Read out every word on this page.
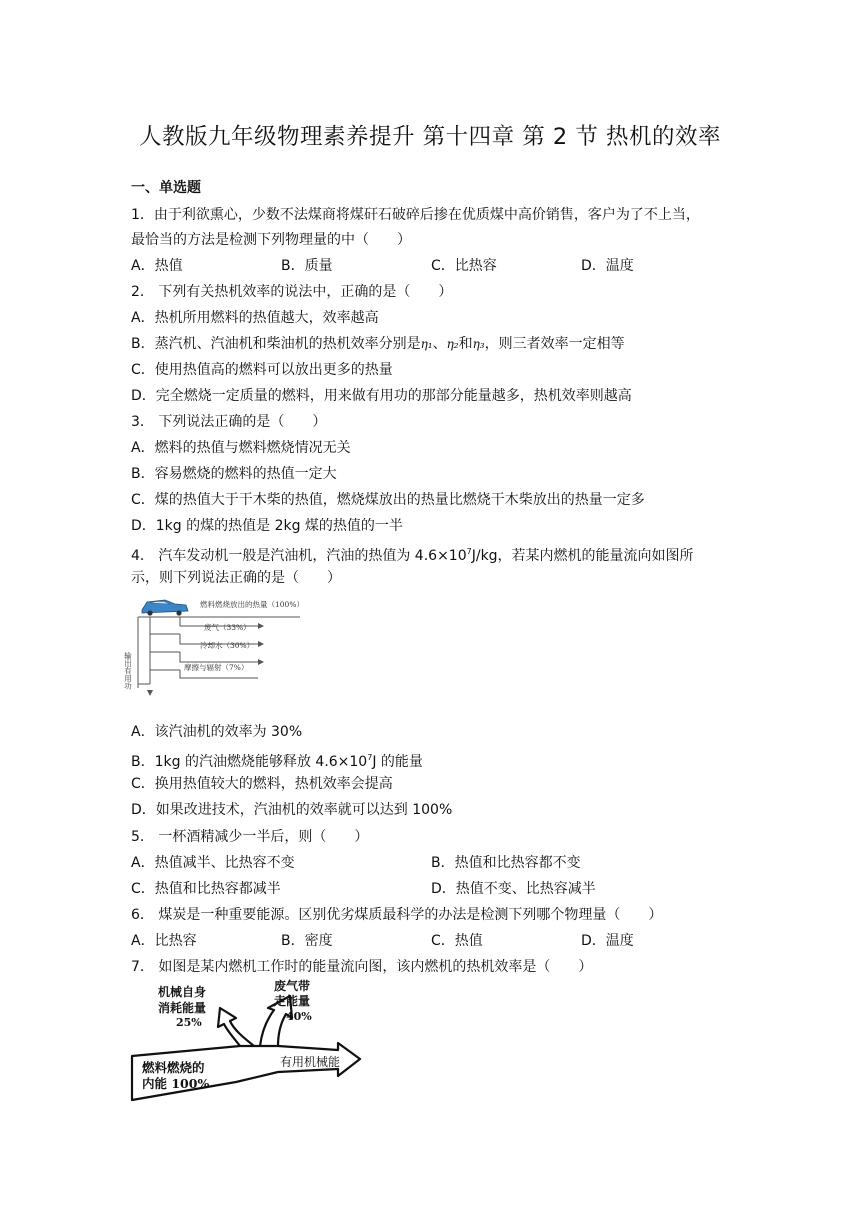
人教版九年级物理素养提升 第十四章 第 2 节 热机的效率
一、单选题
1．由于利欲熏心，少数不法煤商将煤矸石破碎后掺在优质煤中高价销售，客户为了不上当，
最恰当的方法是检测下列物理量的中（　　）
A．热值	B．质量	C．比热容	D．温度
2． 下列有关热机效率的说法中，正确的是（　　）
A．热机所用燃料的热值越大，效率越高
B．蒸汽机、汽油机和柴油机的热机效率分别是η₁、η₂和η₃，则三者效率一定相等
C．使用热值高的燃料可以放出更多的热量
D．完全燃烧一定质量的燃料，用来做有用功的那部分能量越多，热机效率则越高
3． 下列说法正确的是（　　）
A．燃料的热值与燃料燃烧情况无关
B．容易燃烧的燃料的热值一定大
C．煤的热值大于干木柴的热值，燃烧煤放出的热量比燃烧干木柴放出的热量一定多
D．1kg 的煤的热值是 2kg 煤的热值的一半
4． 汽车发动机一般是汽油机，汽油的热值为 $4.6\times 10^7J/kg$，若某内燃机的能量流向如图所
示，则下列说法正确的是（　　）
燃料燃烧放出的热量（100%）
废气（33%）
冷却水（30%）
摩擦与辐射（7%）
输出有用功
A．该汽油机的效率为 30%
B．1kg 的汽油燃烧能够释放 $4.6\times 10^7J$ 的能量
C．换用热值较大的燃料，热机效率会提高
D．如果改进技术，汽油机的效率就可以达到 100%
5． 一杯酒精减少一半后，则（　　）
A．热值减半、比热容不变	B．热值和比热容都不变
C．热值和比热容都减半	D．热值不变、比热容减半
6． 煤炭是一种重要能源。区别优劣煤质最科学的办法是检测下列哪个物理量（　　）
A．比热容	B．密度	C．热值	D．温度
7． 如图是某内燃机工作时的能量流向图，该内燃机的热机效率是（　　）
机械自身
消耗能量
25%
废气带
走能量
40%
燃料燃烧的
内能 100%
有用机械能
